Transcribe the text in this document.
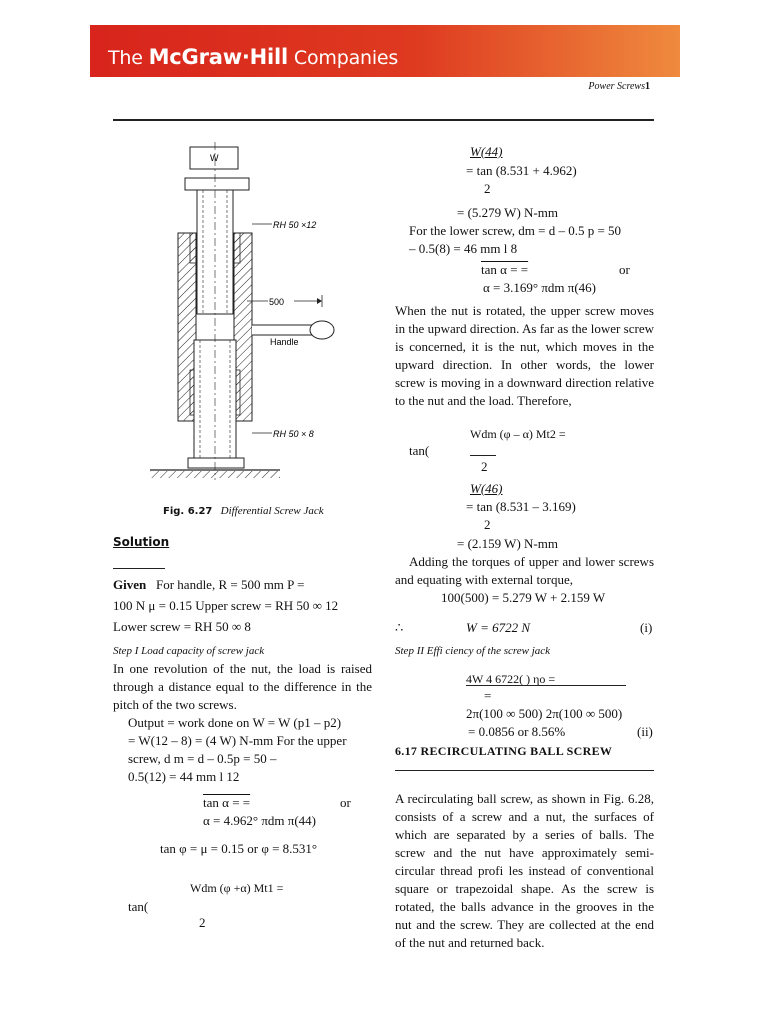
The McGraw·Hill Companies
Power Screws1
W
RH 50 ×12
500
Handle
RH 50 × 8
Fig. 6.27 Differential Screw Jack
Solution
Given For handle, R = 500 mm P =
100 N μ = 0.15 Upper screw = RH 50 ∞ 12
Lower screw = RH 50 ∞ 8
Step I Load capacity of screw jack
In one revolution of the nut, the load is raised through a distance equal to the difference in the pitch of the two screws.
Output = work done on W = W (p1 – p2)
= W(12 – 8) = (4 W) N-mm For the upper
screw, d m = d – 0.5p = 50 –
0.5(12) = 44 mm l 12
tan α = =	or
α = 4.962° πdm π(44)
tan φ = μ = 0.15 or φ = 8.531°
Wdm (φ +α) Mt1 =
tan(
2
W(44)
= tan (8.531 + 4.962)
2
= (5.279 W) N-mm
For the lower screw, dm = d – 0.5 p = 50
– 0.5(8) = 46 mm l 8
tan α = =	or
α = 3.169° πdm π(46)
When the nut is rotated, the upper screw moves in the upward direction. As far as the lower screw is concerned, it is the nut, which moves in the upward direction. In other words, the lower screw is moving in a downward direction relative to the nut and the load. Therefore,
Wdm (φ – α) Mt2 =
tan(
2
W(46)
= tan (8.531 – 3.169)
2
= (2.159 W) N-mm
Adding the torques of upper and lower screws and equating with external torque,
100(500) = 5.279 W + 2.159 W
∴	W = 6722 N	(i)
Step II Effi ciency of the screw jack
4W 4 6722( ) ηo =
=
2π(100 ∞ 500) 2π(100 ∞ 500)
= 0.0856 or 8.56%	(ii)
6.17 RECIRCULATING BALL SCREW
A recirculating ball screw, as shown in Fig. 6.28, consists of a screw and a nut, the surfaces of which are separated by a series of balls. The screw and the nut have approximately semi-circular thread profi les instead of conventional square or trapezoidal shape. As the screw is rotated, the balls advance in the grooves in the nut and the screw. They are collected at the end of the nut and returned back.
